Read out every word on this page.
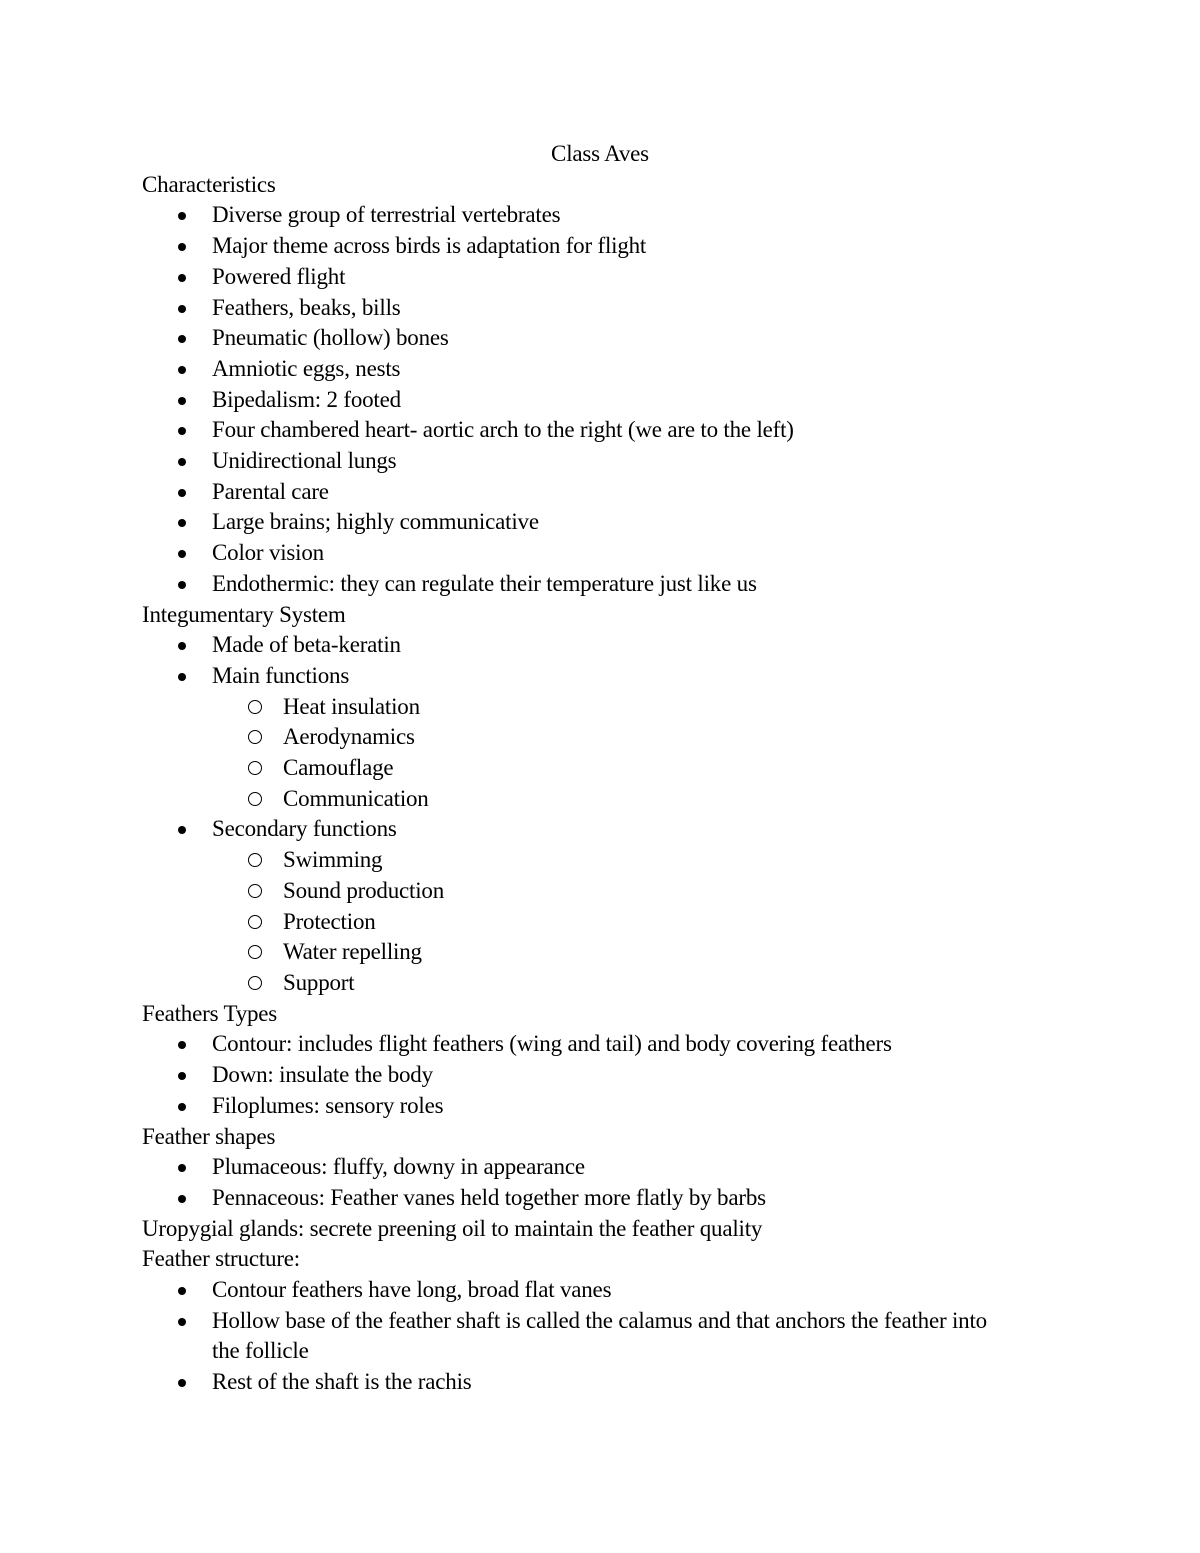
Class Aves
Characteristics
Diverse group of terrestrial vertebrates
Major theme across birds is adaptation for flight
Powered flight
Feathers, beaks, bills
Pneumatic (hollow) bones
Amniotic eggs, nests
Bipedalism: 2 footed
Four chambered heart- aortic arch to the right (we are to the left)
Unidirectional lungs
Parental care
Large brains; highly communicative
Color vision
Endothermic: they can regulate their temperature just like us
Integumentary System
Made of beta-keratin
Main functions
Heat insulation
Aerodynamics
Camouflage
Communication
Secondary functions
Swimming
Sound production
Protection
Water repelling
Support
Feathers Types
Contour: includes flight feathers (wing and tail) and body covering feathers
Down: insulate the body
Filoplumes: sensory roles
Feather shapes
Plumaceous: fluffy, downy in appearance
Pennaceous: Feather vanes held together more flatly by barbs
Uropygial glands: secrete preening oil to maintain the feather quality
Feather structure:
Contour feathers have long, broad flat vanes
Hollow base of the feather shaft is called the calamus and that anchors the feather into the follicle
Rest of the shaft is the rachis
